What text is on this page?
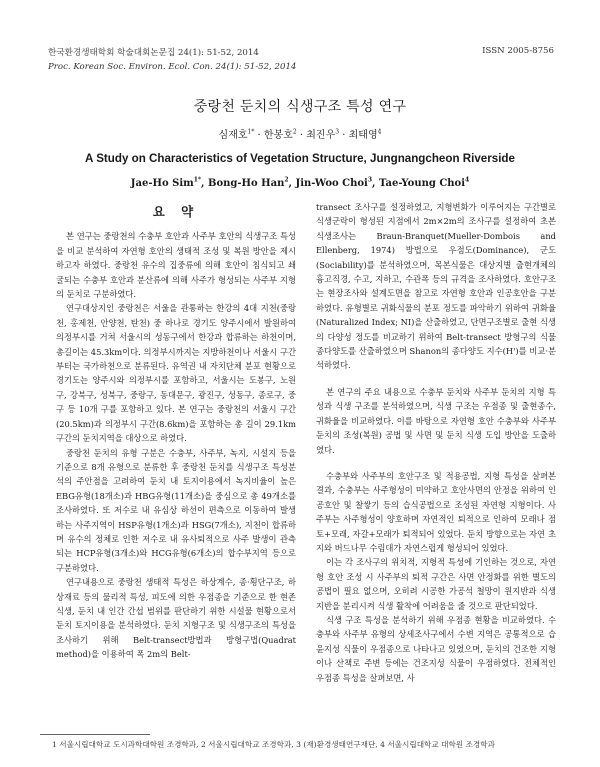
한국환경생태학회 학술대회논문집 24(1): 51-52, 2014
Proc. Korean Soc. Environ. Ecol. Con. 24(1): 51-52, 2014
ISSN 2005-8756
중랑천 둔치의 식생구조 특성 연구
심재호$^{1*}$ · 한봉호$^2$ · 최진우$^3$ · 최태영$^4$
A Study on Characteristics of Vegetation Structure, Jungnangcheon Riverside
Jae-Ho Sim$^{1*}$, Bong-Ho Han$^2$, Jin-Woo Choi$^3$, Tae-Young Choi$^4$
요 약

본 연구는 중랑천의 수충부 호안과 사주부 호안의 식생구조 특성을 비교 분석하여 자연형 호안의 생태적 조성 및 복원 방안을 제시하고자 하였다. 중랑천 유수의 집중류에 의해 호안이 침식되고 쇄굴되는 수충부 호안과 분산류에 의해 사주가 형성되는 사주부 지형의 둔치로 구분하였다.

연구대상지인 중랑천은 서울을 관통하는 한강의 4대 지천(중랑천, 홍제천, 안양천, 탄천) 중 하나로 경기도 양주시에서 발원하여 의정부시를 거쳐 서울시의 성동구에서 한강과 합류하는 하천이며, 총길이는 45.3km이다. 의정부시까지는 지방하천이나 서울시 구간부터는 국가하천으로 분류된다. 유역권 내 자치단체 분포 현황으로 경기도는 양주시와 의정부시를 포함하고, 서울시는 도봉구, 노원구, 강북구, 성북구, 중랑구, 동대문구, 광진구, 성동구, 종로구, 중구 등 10개 구를 포함하고 있다. 본 연구는 중랑천의 서울시 구간(20.5km)과 의정부시 구간(8.6km)을 포함하는 총 길이 29.1km 구간의 둔치지역을 대상으로 하였다.

중랑천 둔치의 유형 구분은 수충부, 사주부, 녹지, 시설지 등을 기준으로 8개 유형으로 분류한 후 중랑천 둔치를 식생구조 특성분석의 주안점을 고려하여 둔치 내 토지이용에서 녹지비율이 높은 EBG유형(18개소)과 HBG유형(11개소)을 중심으로 총 49개소를 조사하였다. 또 저수로 내 유심상 하선이 편측으로 이동하여 발생하는 사주지역이 HSP유형(1개소)과 HSG(7개소), 지천이 합류하며 유수의 정체로 인한 저수로 내 유사퇴적으로 사주 발생이 관측되는 HCP유형(3개소)와 HCG유형(6개소)의 합수부지역 등으로 구분하였다.

연구내용으로 중랑천 생태적 특성은 하상계수, 종·횡단구조, 하상재료 등의 물리적 특성, 피도에 의한 우점종을 기준으로 한 현존식생, 둔치 내 인간 간섭 범위를 판단하기 위한 시설물 현황으로서 둔치 토지이용을 분석하였다. 둔치 지형구조 및 식생구조의 특성을 조사하기 위해 Belt-transect방법과 방형구법(Quadrat method)을 이용하여 폭 2m의 Belt-

transect 조사구를 설정하였고, 지형변화가 이루어지는 구간별로 식생군락이 형성된 지점에서 2m×2m의 조사구를 설정하여 초본식생조사는 Braun-Branquet(Mueller-Dombois and Ellenberg, 1974) 방법으로 우점도(Dominance), 군도(Sociability)를 분석하였으며, 목본식물은 대상지별 출현개체의 흉고직경, 수고, 지하고, 수관폭 등의 규격을 조사하였다. 호안구조는 현장조사와 설계도면을 참고로 자연형 호안과 인공호안을 구분하였다. 유형별로 귀화식물의 분포 정도를 파악하기 위하여 귀화율(Naturalized Index; NI)을 산출하였고, 단면구조별로 출현 식생의 다양성 정도를 비교하기 위하여 Belt-transect 방형구의 식물종다양도를 산출하였으며 Shanon의 종다양도 지수(H')를 비교·분석하였다.

본 연구의 주요 내용으로 수충부 둔치와 사주부 둔치의 지형 특성과 식생 구조를 분석하였으며, 식생 구조는 우점종 및 출현종수, 귀화율을 비교하였다. 이를 바탕으로 자연형 호안 수충부와 사주부 둔치의 조성(복원) 공법 및 사면 및 둔치 식생 도입 방안을 도출하였다.

수충부와 사주부의 호안구조 및 적용공법, 지형 특성을 살펴본 결과, 수충부는 사주형성이 미약하고 호안사면의 안정을 위하여 인공호안 및 찰쌓기 등의 습식공법으로 조성된 자연형 지형이다. 사주부는 사주형성이 양호하며 자연적인 퇴적으로 인하여 모래나 점토+모래, 자갈+모래가 퇴적되어 있었다. 둔치 방향으로는 자연 초지와 버드나무 수림대가 자연스럽게 형성되어 있었다.

이는 각 조사구의 위치적, 지형적 특성에 기인하는 것으로, 자연형 호안 조성 시 사주부의 퇴적 구간은 사면 안정화를 위한 별도의 공법이 필요 없으며, 오히려 시공한 가공석 철망이 원지반과 식생지반을 분리시켜 식생 활착에 어려움을 줄 것으로 판단되었다.

식생 구조 특성을 분석하기 위해 우점종 현황을 비교하였다. 수충부와 사주부 유형의 상세조사구에서 수변 지역은 공통적으로 습윤지성 식물이 우점종으로 나타나고 있었으며, 둔치의 건조한 지형이나 산책로 주변 등에는 건조지성 식물이 우점하였다. 전체적인 우점종 특성을 살펴보면, 사

1 서울시립대학교 도시과학대학원 조경학과, 2 서울시립대학교 조경학과, 3 (재)환경생태연구재단, 4 서울시립대학교 대학원 조경학과
